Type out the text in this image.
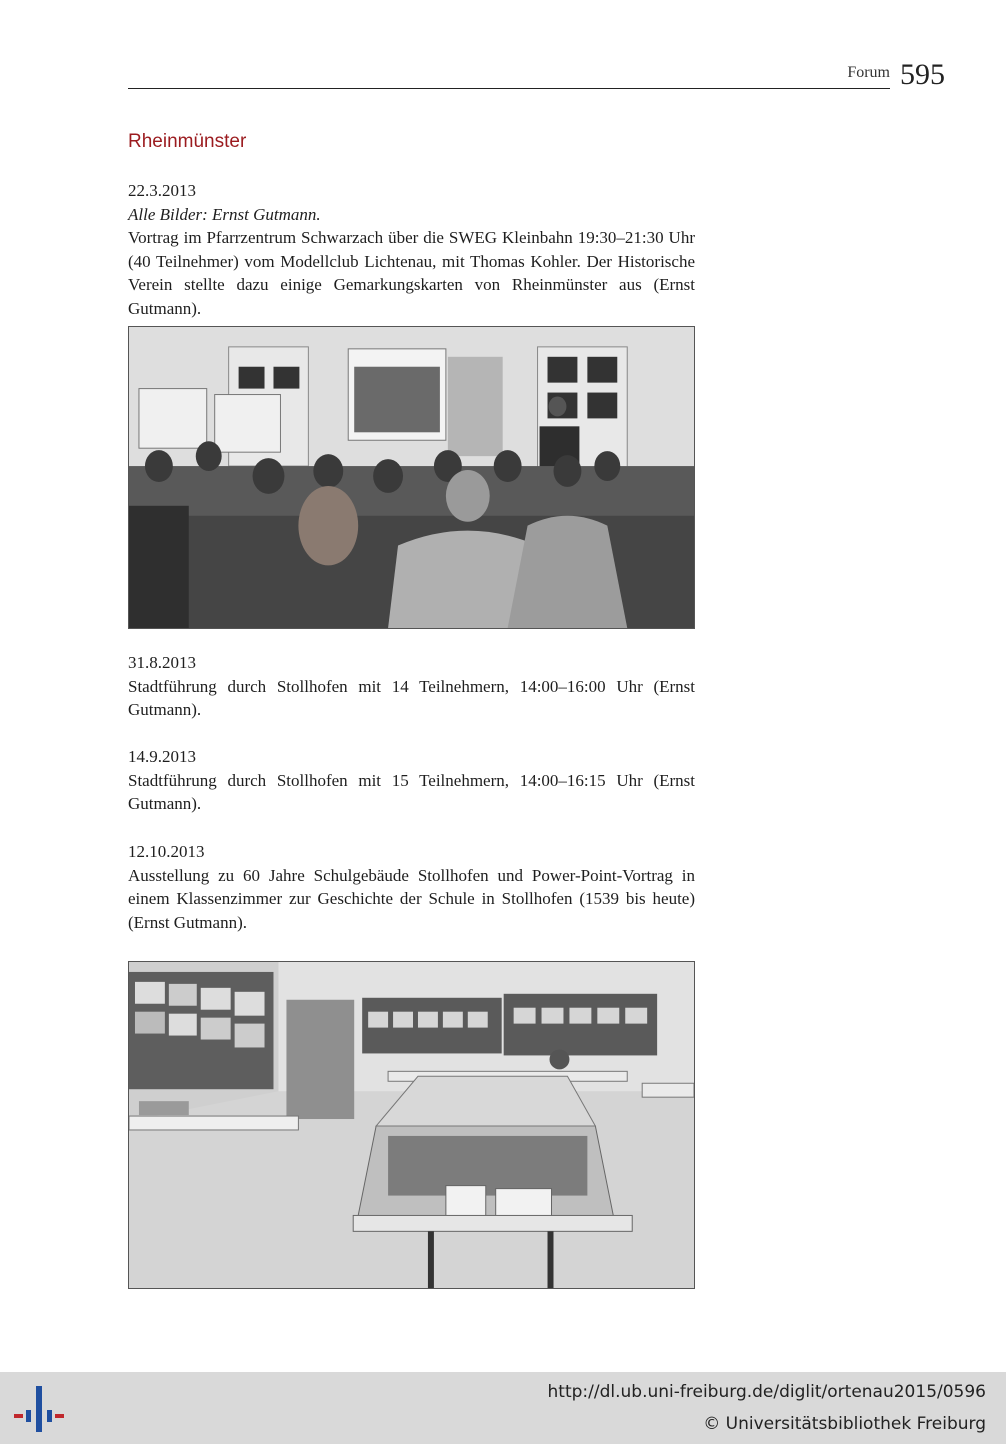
Forum 595
Rheinmünster
22.3.2013
Alle Bilder: Ernst Gutmann.
Vortrag im Pfarrzentrum Schwarzach über die SWEG Kleinbahn 19:30–21:30 Uhr (40 Teilnehmer) vom Modellclub Lichtenau, mit Thomas Kohler. Der Historische Verein stellte dazu einige Gemarkungskarten von Rheinmünster aus (Ernst Gutmann).
31.8.2013
Stadtführung durch Stollhofen mit 14 Teilnehmern, 14:00–16:00 Uhr (Ernst Gutmann).
14.9.2013
Stadtführung durch Stollhofen mit 15 Teilnehmern, 14:00–16:15 Uhr (Ernst Gutmann).
12.10.2013
Ausstellung zu 60 Jahre Schulgebäude Stollhofen und Power-Point-Vortrag in einem Klassenzimmer zur Geschichte der Schule in Stollhofen (1539 bis heute) (Ernst Gutmann).
http://dl.ub.uni-freiburg.de/diglit/ortenau2015/0596
© Universitätsbibliothek Freiburg
